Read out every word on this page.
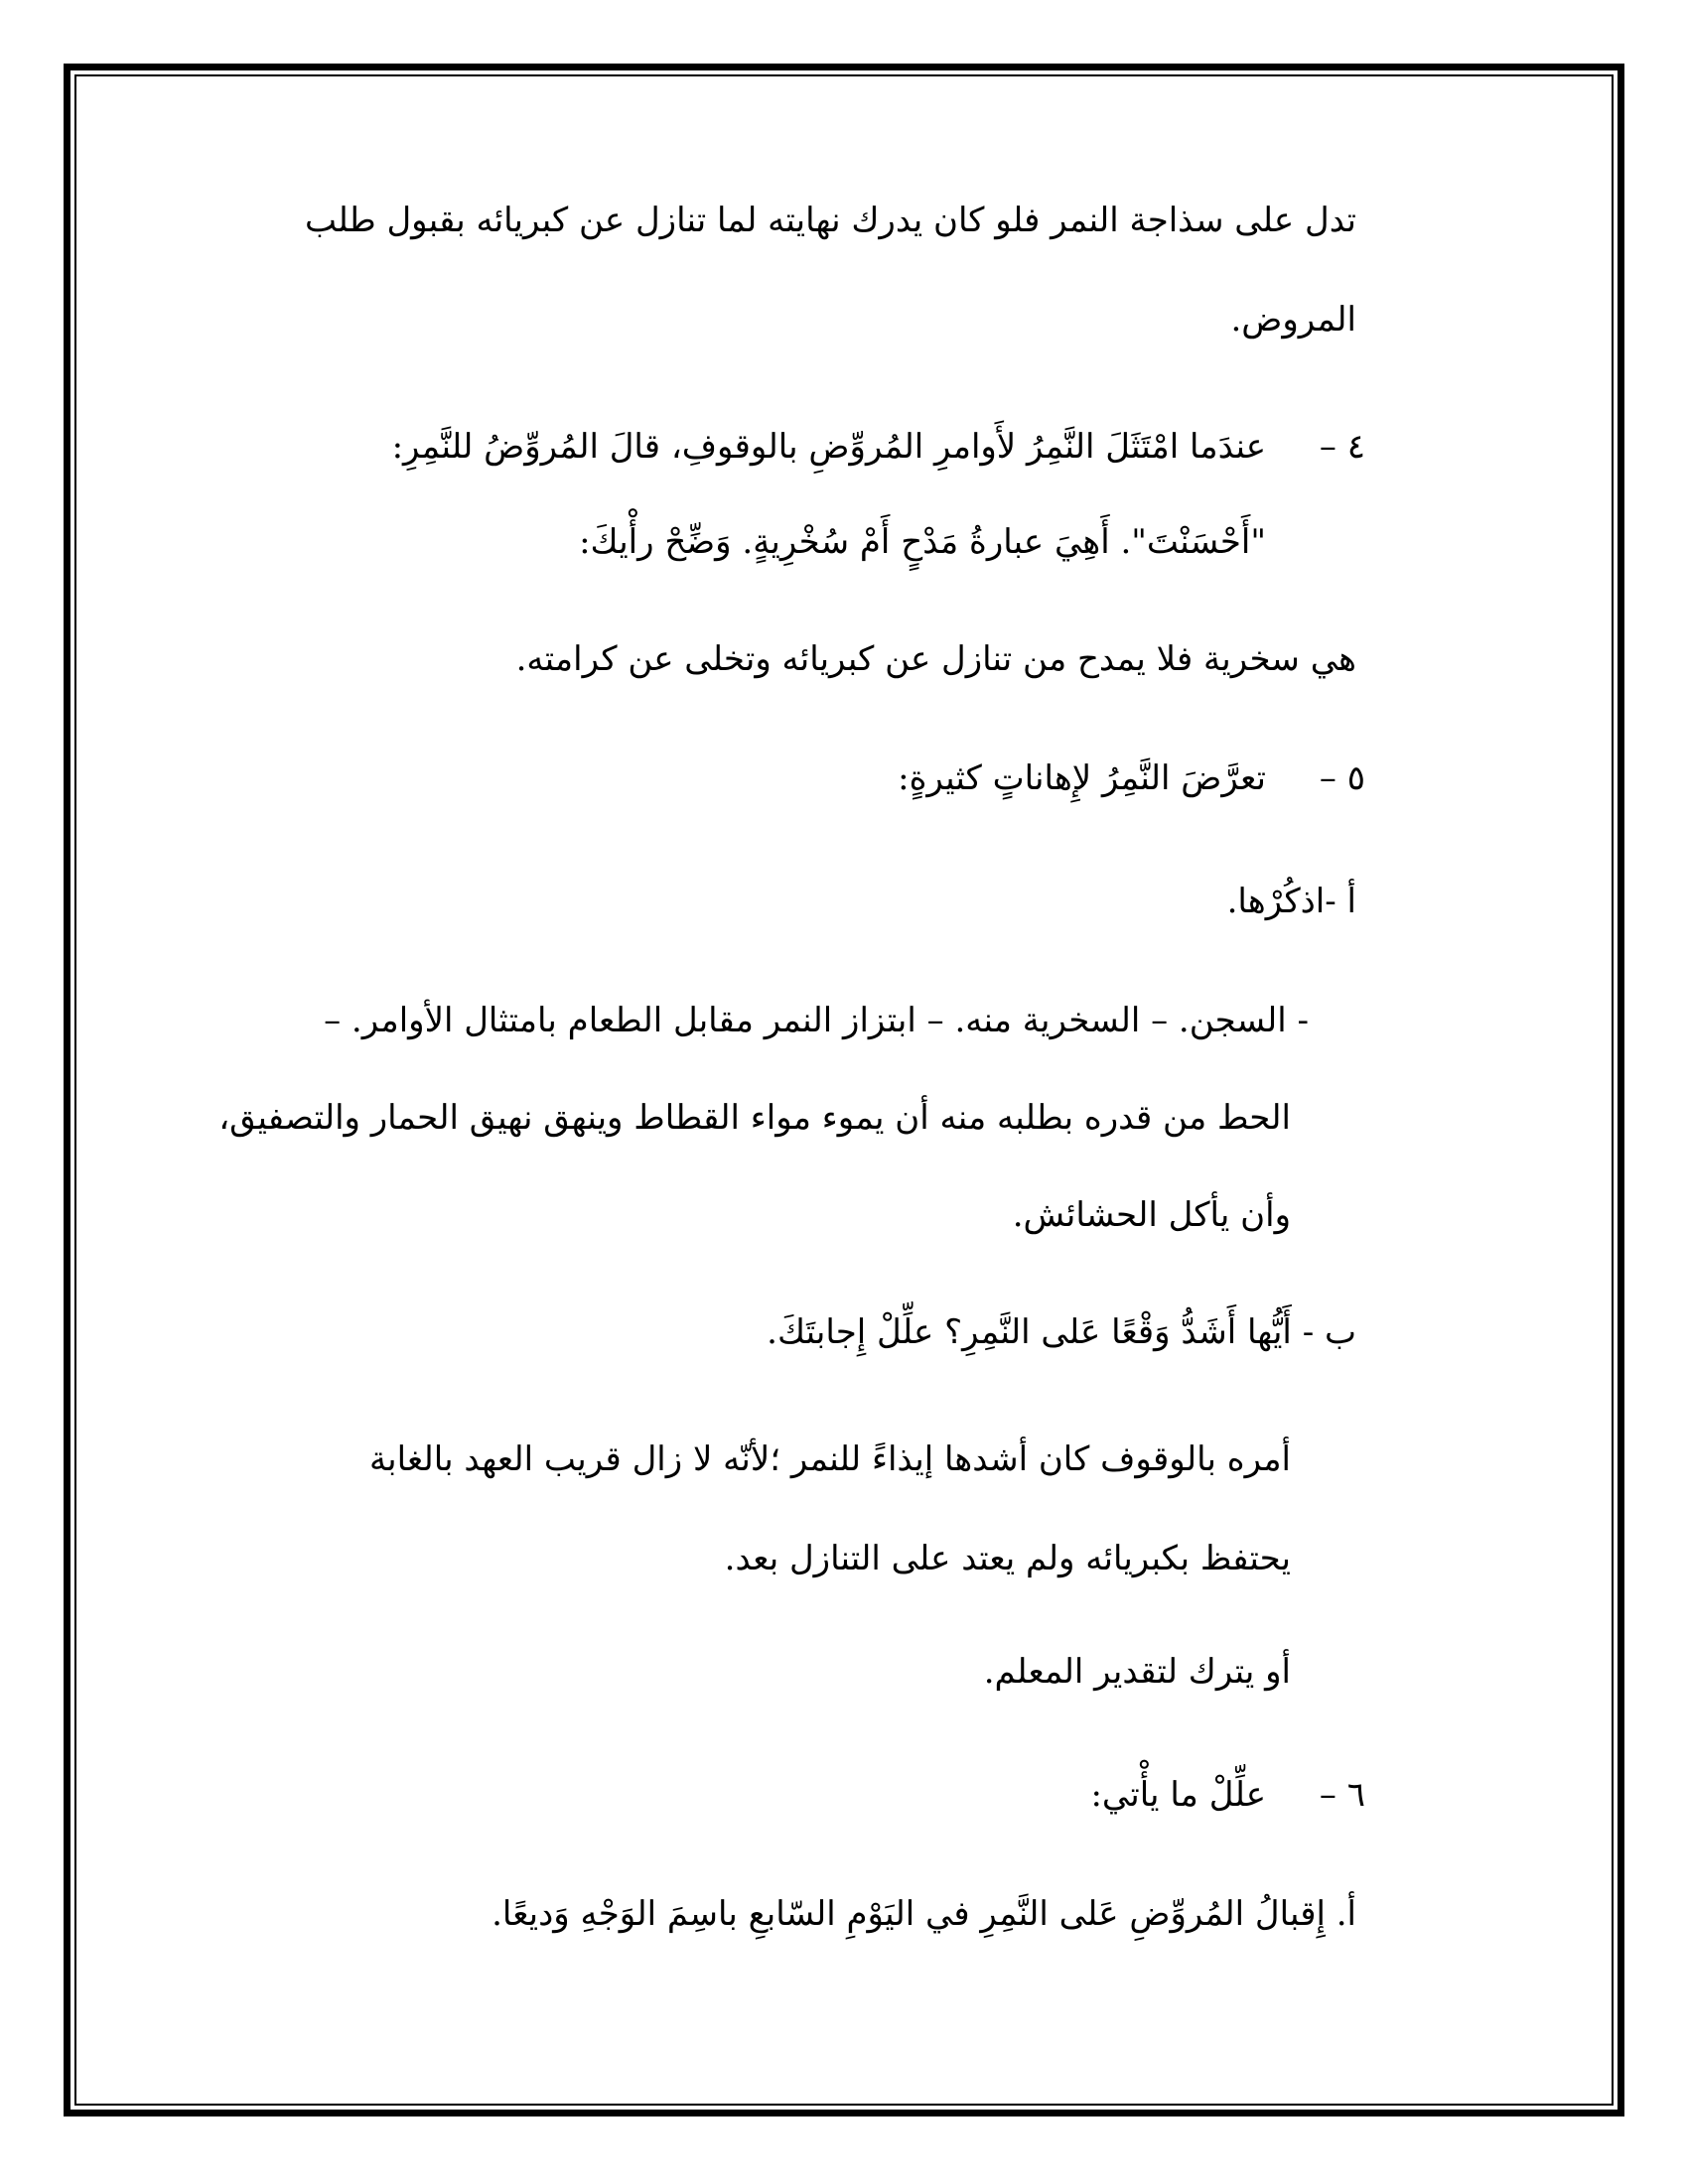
تدل على سذاجة النمر فلو كان يدرك نهايته لما تنازل عن كبريائه بقبول طلب
المروض.
٤ –
عندَما امْتَثَلَ النَّمِرُ لأَوامرِ المُروِّضِ بالوقوفِ، قالَ المُروِّضُ للنَّمِرِ:
"أَحْسَنْتَ". أَهِيَ عبارةُ مَدْحٍ أَمْ سُخْرِيةٍ. وَضِّحْ رأْيكَ:
هي سخرية فلا يمدح من تنازل عن كبريائه وتخلى عن كرامته.
٥ –
تعرَّضَ النَّمِرُ لإِهاناتٍ كثيرةٍ:
أ -اذكُرْها.
- السجن. – السخرية منه. – ابتزاز النمر مقابل الطعام بامتثال الأوامر. –
الحط من قدره بطلبه منه أن يموء مواء القطاط وينهق نهيق الحمار والتصفيق،
وأن يأكل الحشائش.
ب - أَيُّها أَشَدُّ وَقْعًا عَلى النَّمِرِ؟ علِّلْ إِجابتَكَ.
أمره بالوقوف كان أشدها إيذاءً للنمر ؛لأنّه لا زال قريب العهد بالغابة
يحتفظ بكبريائه ولم يعتد على التنازل بعد.
أو يترك لتقدير المعلم.
٦ –
علِّلْ ما يأْتي:
أ. إِقبالُ المُروِّضِ عَلى النَّمِرِ في اليَوْمِ السّابعِ باسِمَ الوَجْهِ وَديعًا.
